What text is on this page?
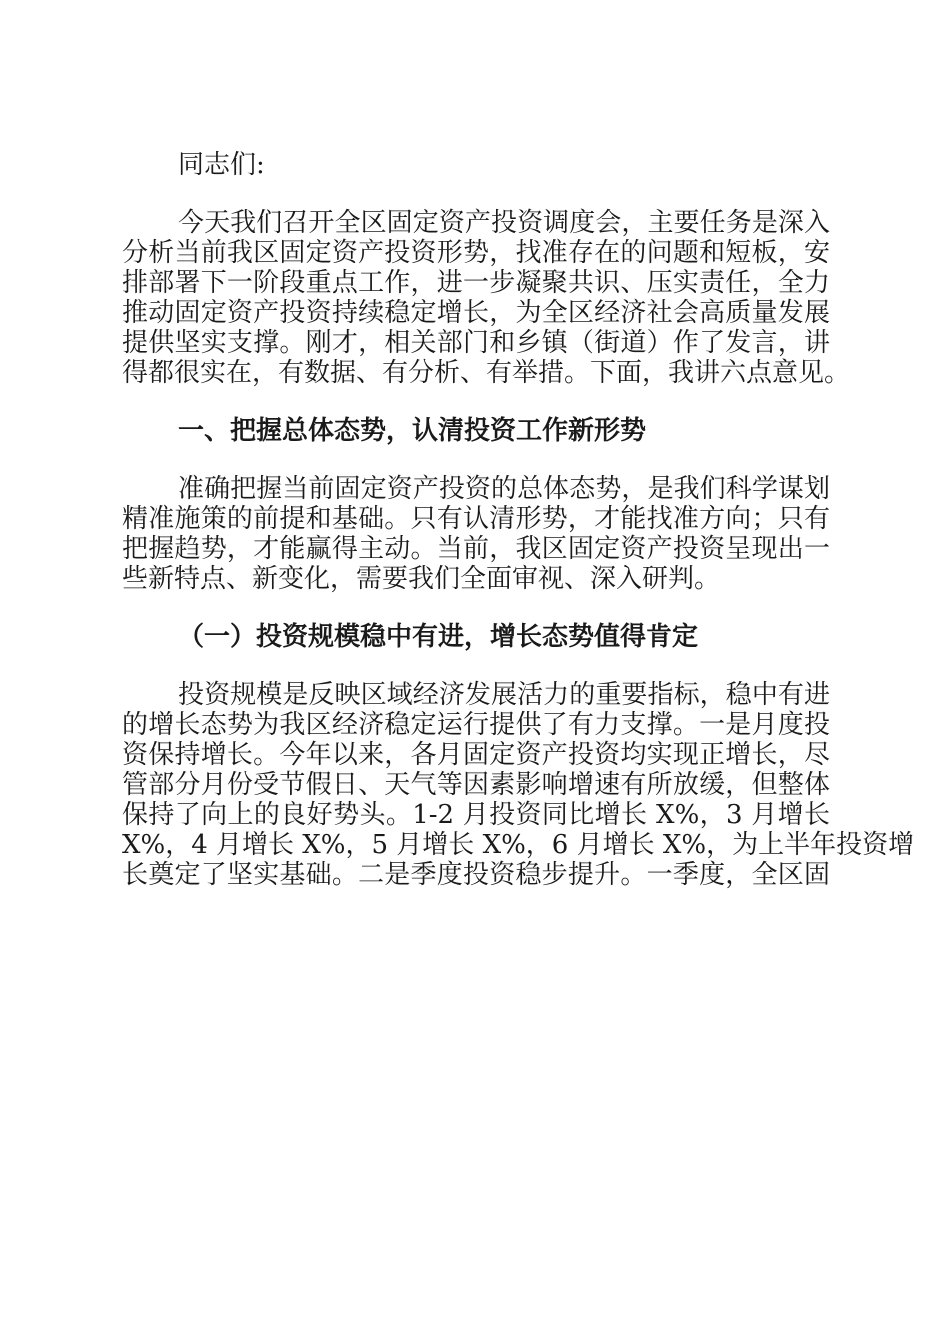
同志们:

今天我们召开全区固定资产投资调度会，主要任务是深入

分析当前我区固定资产投资形势，找准存在的问题和短板，安

排部署下一阶段重点工作，进一步凝聚共识、压实责任，全力

推动固定资产投资持续稳定增长，为全区经济社会高质量发展

提供坚实支撑。刚才，相关部门和乡镇（街道）作了发言，讲

得都很实在，有数据、有分析、有举措。下面，我讲六点意见。

一、把握总体态势，认清投资工作新形势

准确把握当前固定资产投资的总体态势，是我们科学谋划

精准施策的前提和基础。只有认清形势，才能找准方向；只有

把握趋势，才能赢得主动。当前，我区固定资产投资呈现出一

些新特点、新变化，需要我们全面审视、深入研判。

（一）投资规模稳中有进，增长态势值得肯定

投资规模是反映区域经济发展活力的重要指标，稳中有进

的增长态势为我区经济稳定运行提供了有力支撑。一是月度投

资保持增长。今年以来，各月固定资产投资均实现正增长，尽

管部分月份受节假日、天气等因素影响增速有所放缓，但整体

保持了向上的良好势头。1-2 月投资同比增长 X%，3 月增长

X%，4 月增长 X%，5 月增长 X%，6 月增长 X%，为上半年投资增

长奠定了坚实基础。二是季度投资稳步提升。一季度，全区固
